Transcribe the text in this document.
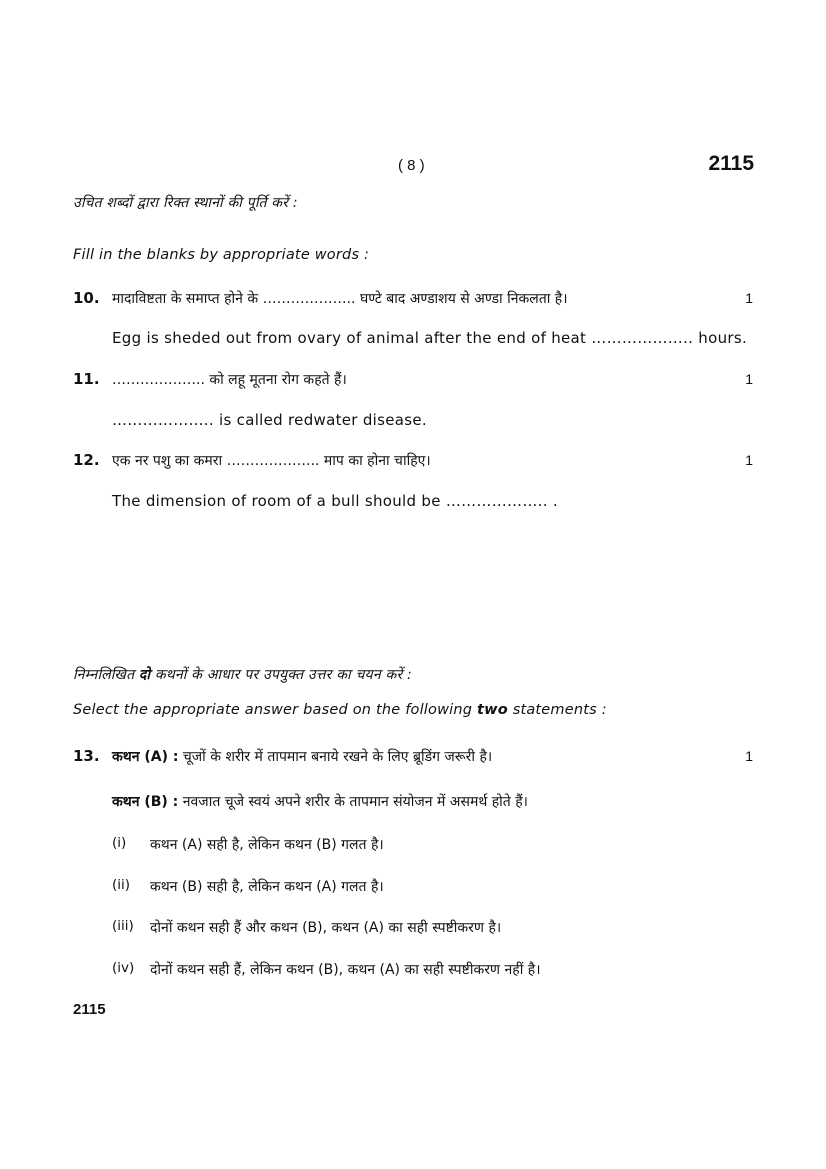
( 8 )	2115
उचित शब्दों द्वारा रिक्त स्थानों की पूर्ति करें :
Fill in the blanks by appropriate words :
10. मादाविष्टता के समाप्त होने के ……………….. घण्टे बाद अण्डाशय से अण्डा निकलता है।	1
Egg is sheded out from ovary of animal after the end of heat ……………….. hours.
11. ……………….. को लहू मूतना रोग कहते हैं।	1
……………….. is called redwater disease.
12. एक नर पशु का कमरा ……………….. माप का होना चाहिए।	1
The dimension of room of a bull should be ……………….. .
निम्नलिखित दो कथनों के आधार पर उपयुक्त उत्तर का चयन करें :
Select the appropriate answer based on the following two statements :
13. कथन (A) : चूजों के शरीर में तापमान बनाये रखने के लिए ब्रूडिंग जरूरी है।	1
कथन (B) : नवजात चूजे स्वयं अपने शरीर के तापमान संयोजन में असमर्थ होते हैं।
(i) कथन (A) सही है, लेकिन कथन (B) गलत है।
(ii) कथन (B) सही है, लेकिन कथन (A) गलत है।
(iii) दोनों कथन सही हैं और कथन (B), कथन (A) का सही स्पष्टीकरण है।
(iv) दोनों कथन सही हैं, लेकिन कथन (B), कथन (A) का सही स्पष्टीकरण नहीं है।
2115
